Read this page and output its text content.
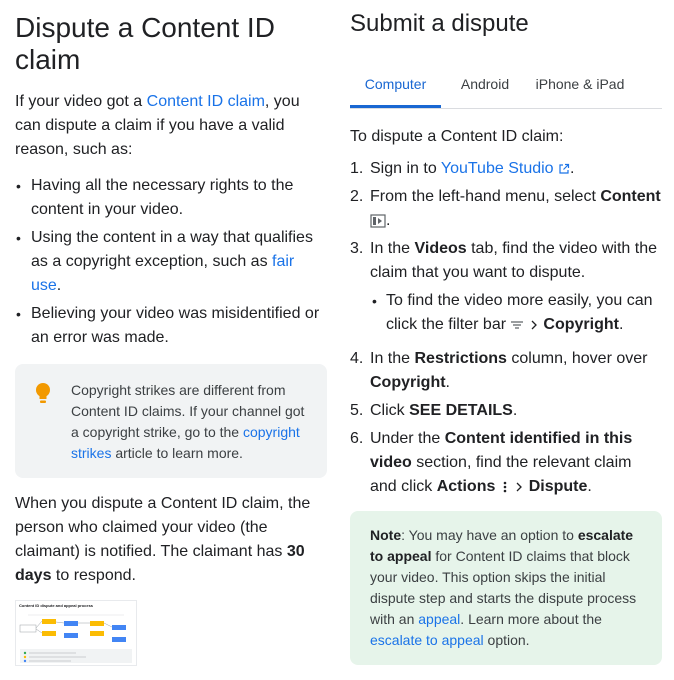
Dispute a Content ID claim
If your video got a Content ID claim, you can dispute a claim if you have a valid reason, such as:
• Having all the necessary rights to the content in your video.
• Using the content in a way that qualifies as a copyright exception, such as fair use.
• Believing your video was misidentified or an error was made.
Copyright strikes are different from Content ID claims. If your channel got a copyright strike, go to the copyright strikes article to learn more.
When you dispute a Content ID claim, the person who claimed your video (the claimant) is notified. The claimant has 30 days to respond.
Content ID dispute and appeal process
Submit a dispute
Computer	Android	iPhone & iPad
To dispute a Content ID claim:
1. Sign in to YouTube Studio .
2. From the left-hand menu, select Content .
3. In the Videos tab, find the video with the claim that you want to dispute.
• To find the video more easily, you can click the filter bar   Copyright.
4. In the Restrictions column, hover over Copyright.
5. Click SEE DETAILS.
6. Under the Content identified in this video section, find the relevant claim and click Actions Dispute.
Note: You may have an option to escalate to appeal for Content ID claims that block your video. This option skips the initial dispute step and starts the dispute process with an appeal. Learn more about the escalate to appeal option.
